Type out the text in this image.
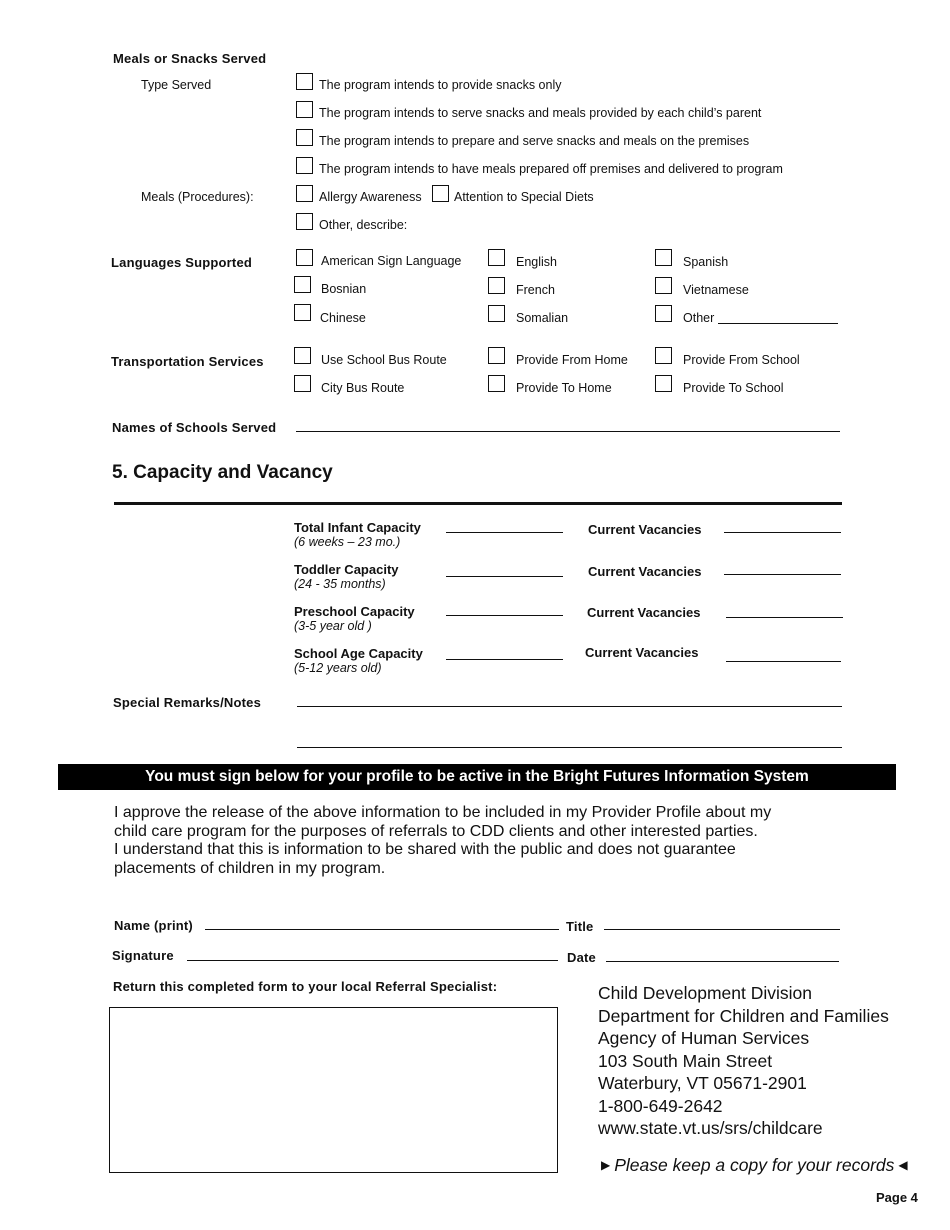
Meals or Snacks Served
Type Served	The program intends to provide snacks only
The program intends to serve snacks and meals provided by each child’s parent
The program intends to prepare and serve snacks and meals on the premises
The program intends to have meals prepared off premises and delivered to program
Meals (Procedures):	Allergy Awareness	Attention to Special Diets
Other, describe:
Languages Supported	American Sign Language	English	Spanish
Bosnian	French	Vietnamese
Chinese	Somalian	Other
Transportation Services	Use School Bus Route	Provide From Home	Provide From School
City Bus Route	Provide To Home	Provide To School
Names of Schools Served
5. Capacity and Vacancy
Total Infant Capacity
(6 weeks – 23 mo.)
Current Vacancies
Toddler Capacity
(24 - 35 months)
Current Vacancies
Preschool Capacity
(3-5 year old )
Current Vacancies
School Age Capacity
(5-12 years old)
Current Vacancies
Special Remarks/Notes
You must sign below for your profile to be active in the Bright Futures Information System
I approve the release of the above information to be included in my Provider Profile about my
child care program for the purposes of referrals to CDD clients and other interested parties.
I understand that this is information to be shared with the public and does not guarantee
placements of children in my program.
Name (print)	Title
Signature	Date
Return this completed form to your local Referral Specialist:	Child Development Division
Department for Children and Families
Agency of Human Services
103 South Main Street
Waterbury, VT 05671-2901
1-800-649-2642
www.state.vt.us/srs/childcare
▶ Please keep a copy for your records ◀
Page 4
